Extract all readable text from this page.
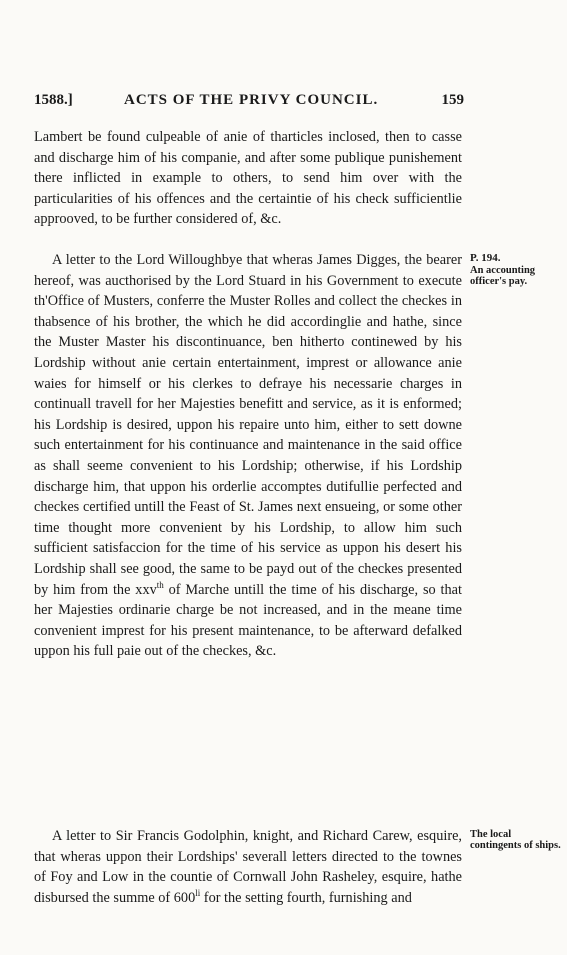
1588.]	ACTS OF THE PRIVY COUNCIL.	159

Lambert be found culpeable of anie of tharticles inclosed, then to casse and discharge him of his companie, and after some publique punishement there inflicted in example to others, to send him over with the particularities of his offences and the certaintie of his check sufficientlie approoved, to be further considered of, &c.

A letter to the Lord Willoughbye that wheras James Digges, the bearer hereof, was aucthorised by the Lord Stuard in his Government to execute th'Office of Musters, conferre the Muster Rolles and collect the checkes in thabsence of his brother, the which he did accordinglie and hathe, since the Muster Master his discontinuance, ben hitherto continewed by his Lordship without anie certain entertainment, imprest or allowance anie waies for himself or his clerkes to defraye his necessarie charges in continuall travell for her Majesties benefitt and service, as it is enformed; his Lordship is desired, uppon his repaire unto him, either to sett downe such entertainment for his continuance and maintenance in the said office as shall seeme convenient to his Lordship; otherwise, if his Lordship discharge him, that uppon his orderlie accomptes dutifullie perfected and checkes certified untill the Feast of St. James next ensueing, or some other time thought more convenient by his Lordship, to allow him such sufficient satisfaccion for the time of his service as uppon his desert his Lordship shall see good, the same to be payd out of the checkes presented by him from the xxv$^{th}$ of Marche untill the time of his discharge, so that her Majesties ordinarie charge be not increased, and in the meane time convenient imprest for his present maintenance, to be afterward defalked uppon his full paie out of the checkes, &c.

A letter to Sir Francis Godolphin, knight, and Richard Carew, esquire, that wheras uppon their Lordships' severall letters directed to the townes of Foy and Low in the countie of Cornwall John Rasheley, esquire, hathe disbursed the summe of $600^{li}$ for the setting fourth, furnishing and

P. 194.
An accounting officer's pay.
The local contingents of ships.
